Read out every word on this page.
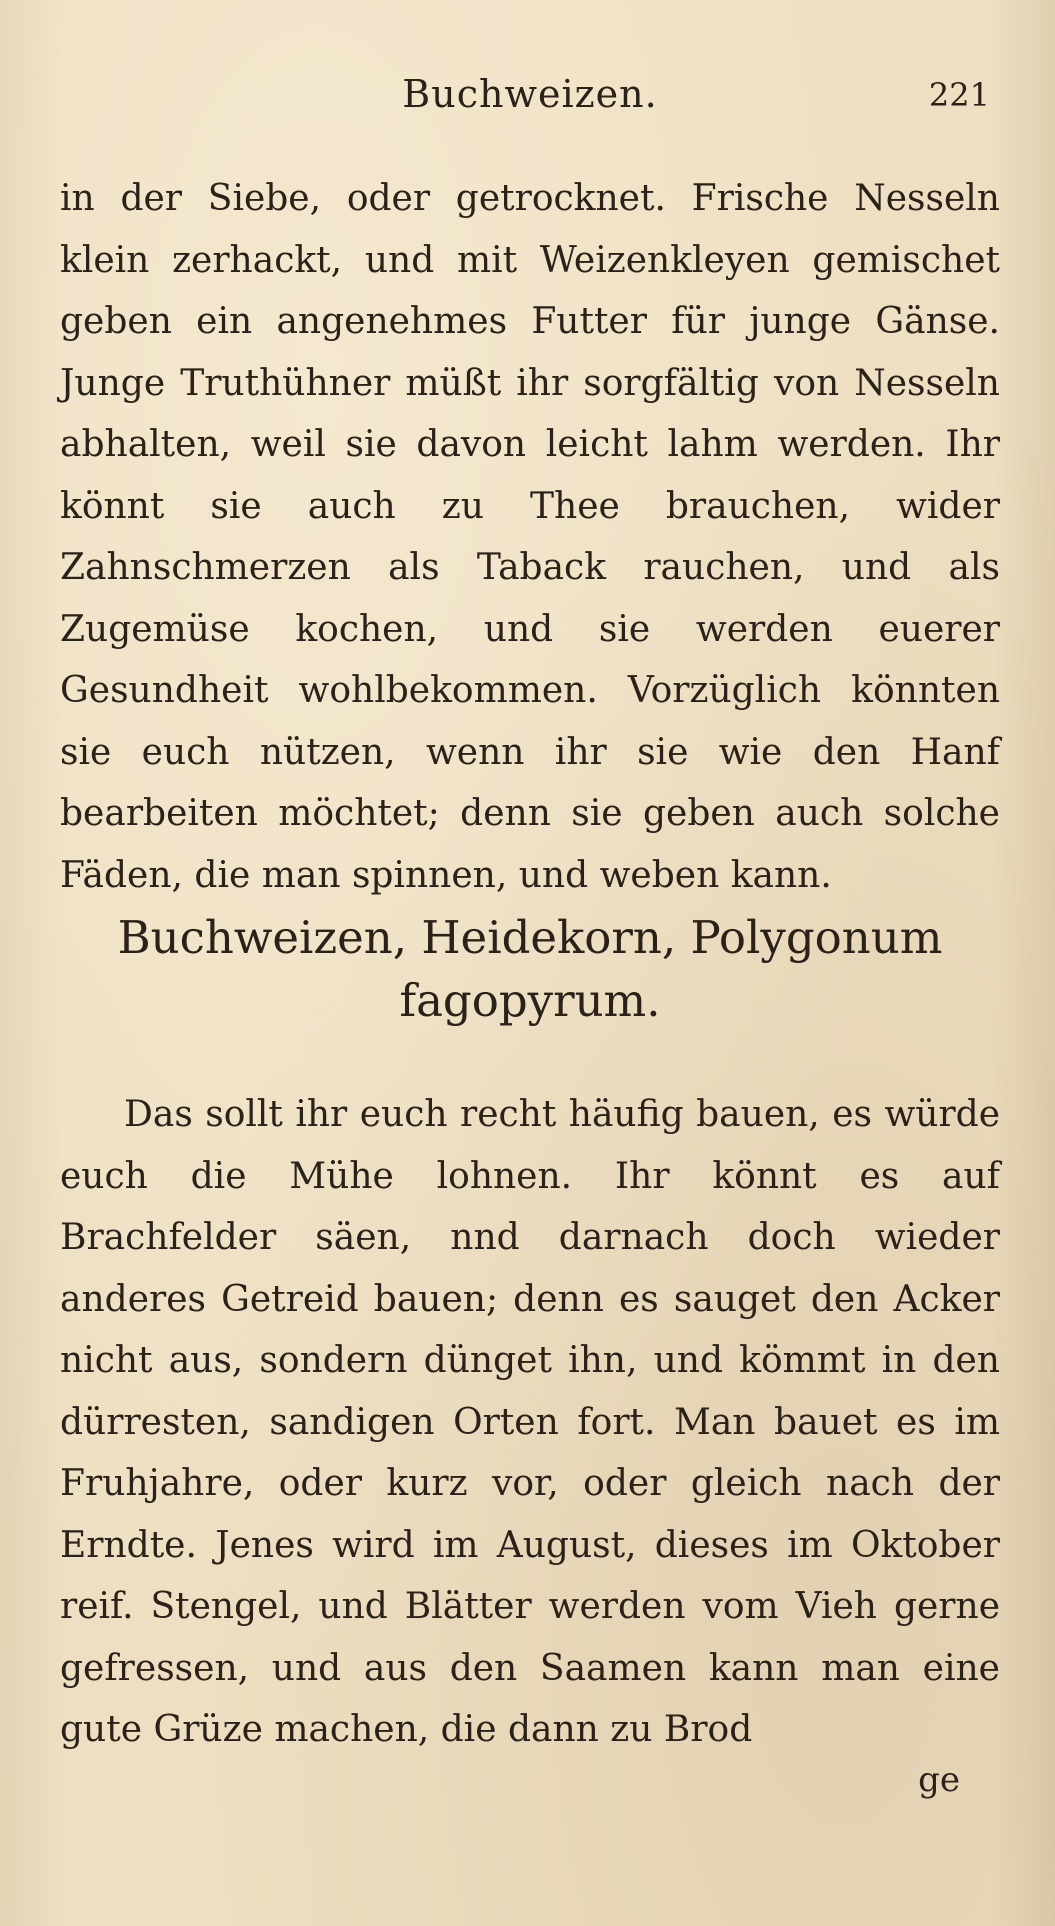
Buchweizen.	221
in der Siebe, oder getrocknet. Frische Nesseln klein zerhackt, und mit Weizenkleyen gemischet geben ein angenehmes Futter für junge Gänse. Junge Truthühner müßt ihr sorgfältig von Nesseln abhalten, weil sie davon leicht lahm werden. Ihr könnt sie auch zu Thee brauchen, wider Zahnschmerzen als Taback rauchen, und als Zugemüse kochen, und sie werden euerer Gesundheit wohlbekommen. Vorzüglich könnten sie euch nützen, wenn ihr sie wie den Hanf bearbeiten möchtet; denn sie geben auch solche Fäden, die man spinnen, und weben kann.
Buchweizen, Heidekorn, Polygonum fagopyrum.
Das sollt ihr euch recht häufig bauen, es würde euch die Mühe lohnen. Ihr könnt es auf Brachfelder säen, nnd darnach doch wieder anderes Getreid bauen; denn es sauget den Acker nicht aus, sondern dünget ihn, und kömmt in den dürresten, sandigen Orten fort. Man bauet es im Fruhjahre, oder kurz vor, oder gleich nach der Erndte. Jenes wird im August, dieses im Oktober reif. Stengel, und Blätter werden vom Vieh gerne gefressen, und aus den Saamen kann man eine gute Grüze machen, die dann zu Brod
ge
